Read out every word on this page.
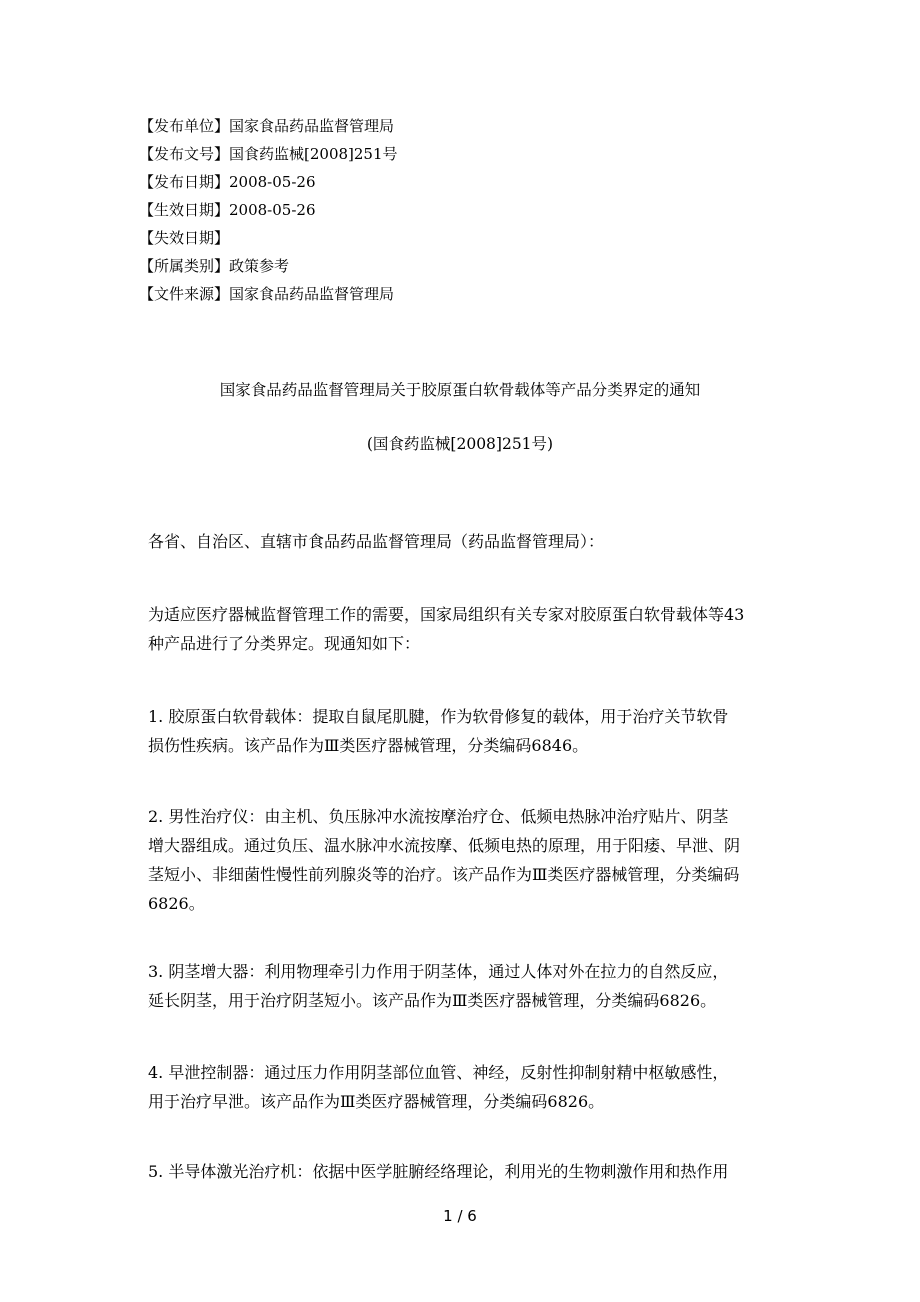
【发布单位】国家食品药品监督管理局
【发布文号】国食药监械[2008]251号
【发布日期】2008-05-26
【生效日期】2008-05-26
【失效日期】
【所属类别】政策参考
【文件来源】国家食品药品监督管理局
国家食品药品监督管理局关于胶原蛋白软骨载体等产品分类界定的通知
(国食药监械[2008]251号)
各省、自治区、直辖市食品药品监督管理局（药品监督管理局）：
为适应医疗器械监督管理工作的需要，国家局组织有关专家对胶原蛋白软骨载体等43
种产品进行了分类界定。现通知如下：
1. 胶原蛋白软骨载体：提取自鼠尾肌腱，作为软骨修复的载体，用于治疗关节软骨
损伤性疾病。该产品作为Ⅲ类医疗器械管理，分类编码6846。
2. 男性治疗仪：由主机、负压脉冲水流按摩治疗仓、低频电热脉冲治疗贴片、阴茎
增大器组成。通过负压、温水脉冲水流按摩、低频电热的原理，用于阳痿、早泄、阴
茎短小、非细菌性慢性前列腺炎等的治疗。该产品作为Ⅲ类医疗器械管理，分类编码
6826。
3. 阴茎增大器：利用物理牵引力作用于阴茎体，通过人体对外在拉力的自然反应，
延长阴茎，用于治疗阴茎短小。该产品作为Ⅲ类医疗器械管理，分类编码6826。
4. 早泄控制器：通过压力作用阴茎部位血管、神经，反射性抑制射精中枢敏感性，
用于治疗早泄。该产品作为Ⅲ类医疗器械管理，分类编码6826。
5. 半导体激光治疗机：依据中医学脏腑经络理论，利用光的生物刺激作用和热作用
1 / 6
